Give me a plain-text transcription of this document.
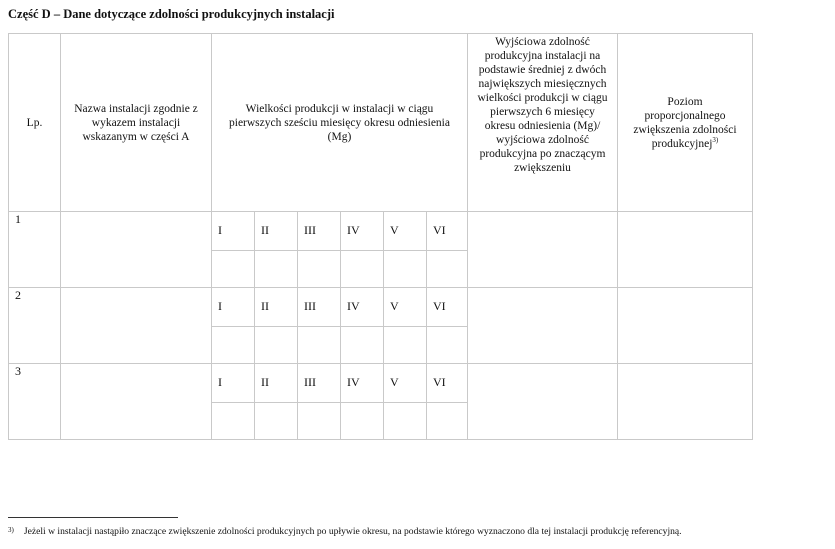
Część D – Dane dotyczące zdolności produkcyjnych instalacji
Lp.	Nazwa instalacji zgodnie z wykazem instalacji wskazanym w części A	Wielkości produkcji w instalacji w ciągu pierwszych sześciu miesięcy okresu odniesienia (Mg)						Wyjściowa zdolność produkcyjna instalacji na podstawie średniej z dwóch największych miesięcznych wielkości produkcji w ciągu pierwszych 6 miesięcy okresu odniesienia (Mg)/ wyjściowa zdolność produkcyjna po znaczącym zwiększeniu	Poziom proporcjonalnego zwiększenia zdolności produkcyjnej$^{3)}$
1		I	II	III	IV	V	VI		

2		I	II	III	IV	V	VI		

3		I	II	III	IV	V	VI		

$^{3)}$ Jeżeli w instalacji nastąpiło znaczące zwiększenie zdolności produkcyjnych po upływie okresu, na podstawie którego wyznaczono dla tej instalacji produkcję referencyjną.
